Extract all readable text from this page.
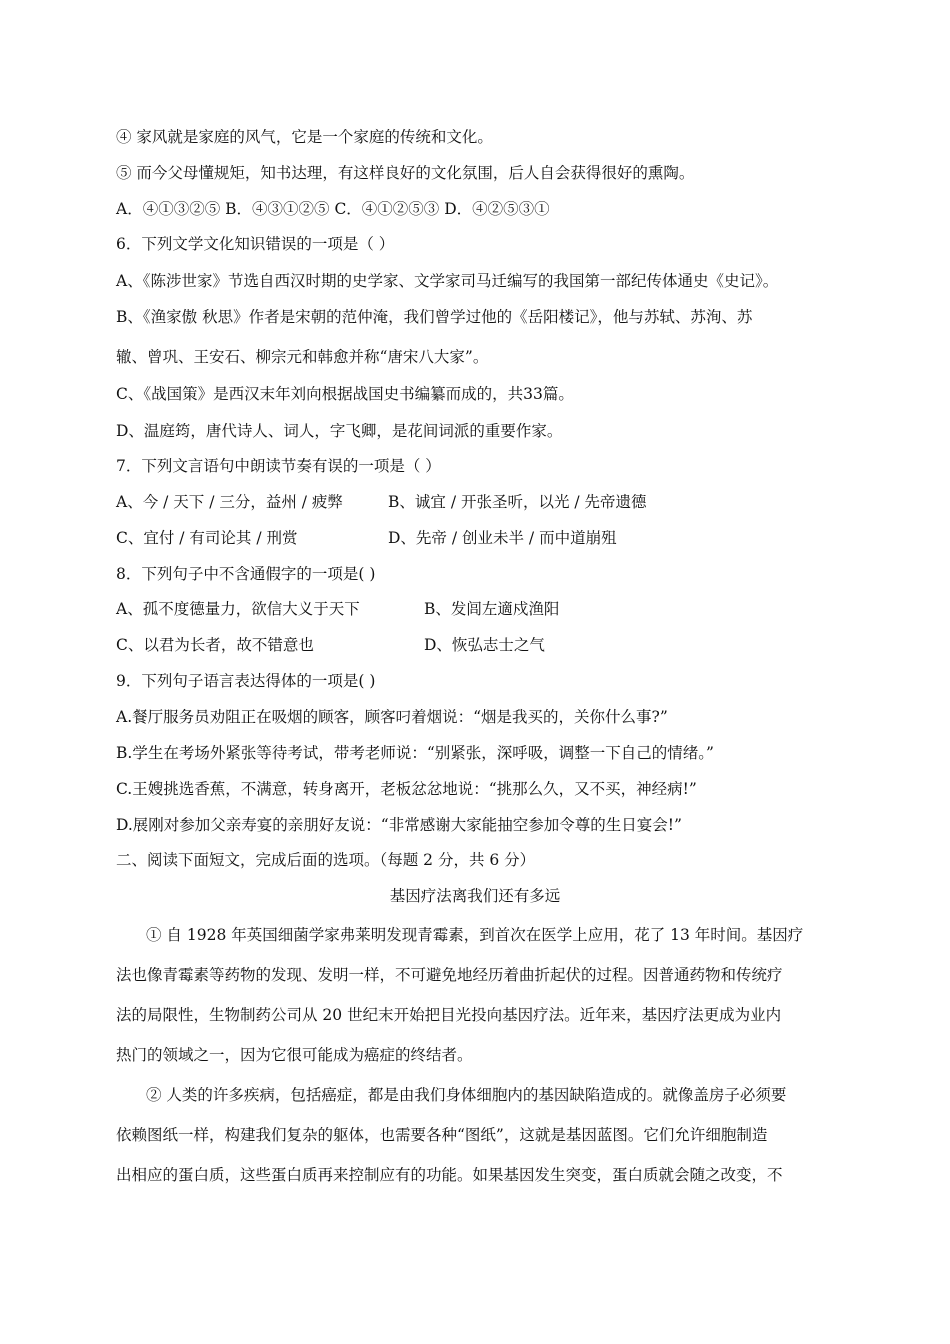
④ 家风就是家庭的风气，它是一个家庭的传统和文化。
⑤ 而今父母懂规矩，知书达理，有这样良好的文化氛围，后人自会获得很好的熏陶。
A．④①③②⑤ B．④③①②⑤ C．④①②⑤③ D．④②⑤③①
6．下列文学文化知识错误的一项是（ ）
A、《陈涉世家》节选自西汉时期的史学家、文学家司马迁编写的我国第一部纪传体通史《史记》。
B、《渔家傲 秋思》作者是宋朝的范仲淹，我们曾学过他的《岳阳楼记》，他与苏轼、苏洵、苏
辙、曾巩、王安石、柳宗元和韩愈并称“唐宋八大家”。
C、《战国策》是西汉末年刘向根据战国史书编纂而成的，共33篇。
D、温庭筠，唐代诗人、词人，字飞卿，是花间词派的重要作家。
7．下列文言语句中朗读节奏有误的一项是（ ）
A、今 / 天下 / 三分，益州 / 疲弊	B、诚宜 / 开张圣听，以光 / 先帝遗德
C、宜付 / 有司论其 / 刑赏	D、先帝 / 创业未半 / 而中道崩殂
8．下列句子中不含通假字的一项是( )
A、孤不度德量力，欲信大义于天下	B、发闾左適戍渔阳
C、以君为长者，故不错意也	D、恢弘志士之气
9．下列句子语言表达得体的一项是( )
A.餐厅服务员劝阻正在吸烟的顾客，顾客叼着烟说：“烟是我买的，关你什么事?”
B.学生在考场外紧张等待考试，带考老师说：“别紧张，深呼吸，调整一下自己的情绪。”
C.王嫂挑选香蕉，不满意，转身离开，老板忿忿地说：“挑那么久，又不买，神经病!”
D.展刚对参加父亲寿宴的亲朋好友说：“非常感谢大家能抽空参加令尊的生日宴会!”
二、阅读下面短文，完成后面的选项。（每题 2 分，共 6 分）
基因疗法离我们还有多远
① 自 1928 年英国细菌学家弗莱明发现青霉素，到首次在医学上应用，花了 13 年时间。基因疗
法也像青霉素等药物的发现、发明一样，不可避免地经历着曲折起伏的过程。因普通药物和传统疗
法的局限性，生物制药公司从 20 世纪末开始把目光投向基因疗法。近年来，基因疗法更成为业内
热门的领域之一，因为它很可能成为癌症的终结者。
② 人类的许多疾病，包括癌症，都是由我们身体细胞内的基因缺陷造成的。就像盖房子必须要
依赖图纸一样，构建我们复杂的躯体，也需要各种“图纸”，这就是基因蓝图。它们允许细胞制造
出相应的蛋白质，这些蛋白质再来控制应有的功能。如果基因发生突变，蛋白质就会随之改变，不
